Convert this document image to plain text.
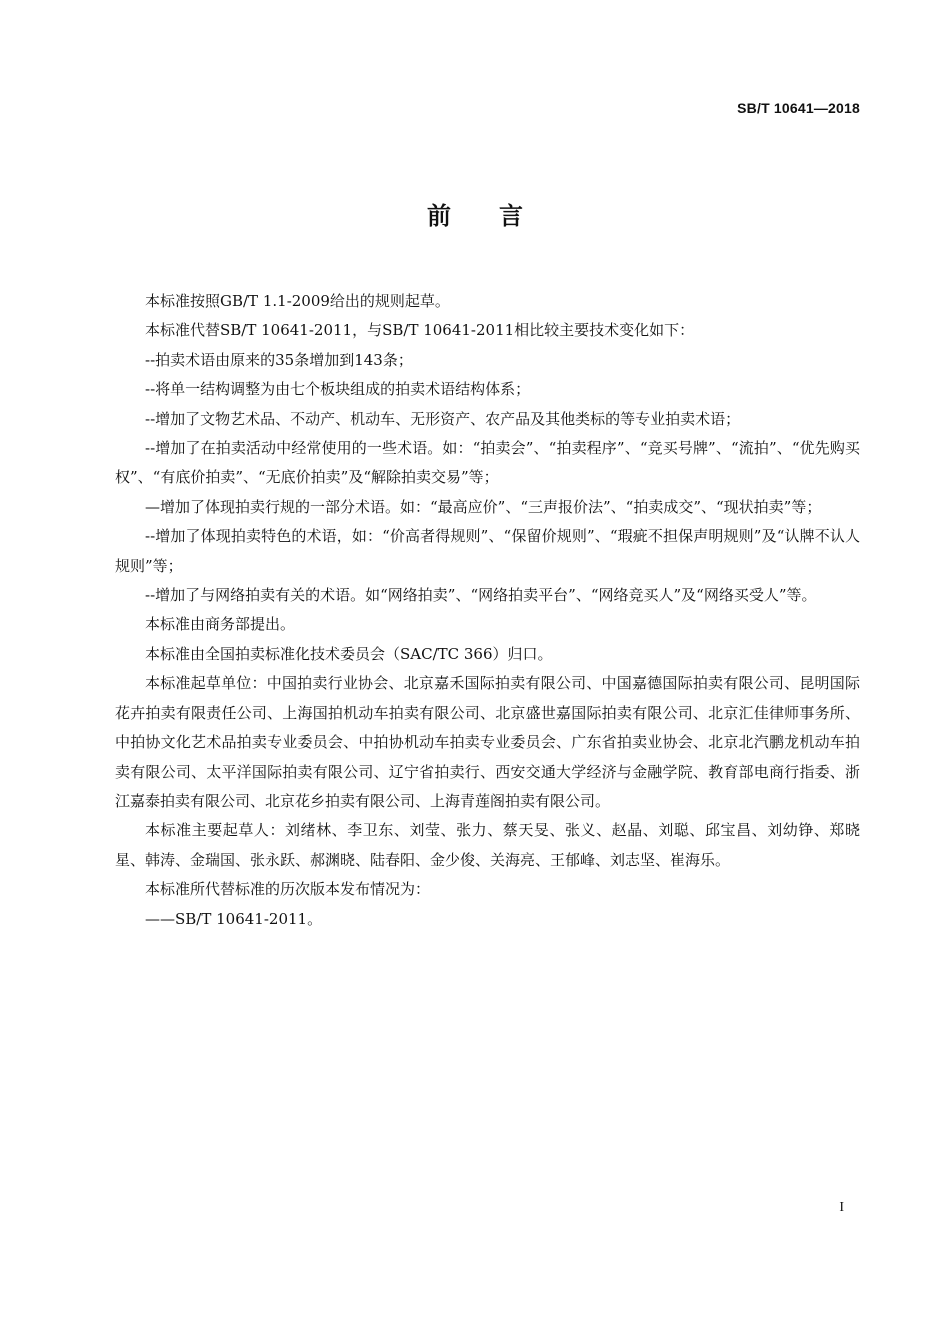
SB/T 10641—2018
前言

本标准按照GB/T 1.1-2009给出的规则起草。

本标准代替SB/T 10641-2011，与SB/T 10641-2011相比较主要技术变化如下：

--拍卖术语由原来的35条增加到143条；

--将单一结构调整为由七个板块组成的拍卖术语结构体系；

--增加了文物艺术品、不动产、机动车、无形资产、农产品及其他类标的等专业拍卖术语；

--增加了在拍卖活动中经常使用的一些术语。如：“拍卖会”、“拍卖程序”、“竞买号牌”、“流拍”、“优先购买权”、“有底价拍卖”、“无底价拍卖”及“解除拍卖交易”等；

—增加了体现拍卖行规的一部分术语。如：“最高应价”、“三声报价法”、“拍卖成交”、“现状拍卖”等；

--增加了体现拍卖特色的术语，如：“价高者得规则”、“保留价规则”、“瑕疵不担保声明规则”及“认牌不认人规则”等；

--增加了与网络拍卖有关的术语。如“网络拍卖”、“网络拍卖平台”、“网络竞买人”及“网络买受人”等。

本标准由商务部提出。

本标准由全国拍卖标准化技术委员会（SAC/TC 366）归口。

本标准起草单位：中国拍卖行业协会、北京嘉禾国际拍卖有限公司、中国嘉德国际拍卖有限公司、昆明国际花卉拍卖有限责任公司、上海国拍机动车拍卖有限公司、北京盛世嘉国际拍卖有限公司、北京汇佳律师事务所、中拍协文化艺术品拍卖专业委员会、中拍协机动车拍卖专业委员会、广东省拍卖业协会、北京北汽鹏龙机动车拍卖有限公司、太平洋国际拍卖有限公司、辽宁省拍卖行、西安交通大学经济与金融学院、教育部电商行指委、浙江嘉泰拍卖有限公司、北京花乡拍卖有限公司、上海青莲阁拍卖有限公司。

本标准主要起草人：刘绪林、李卫东、刘莹、张力、蔡天旻、张义、赵晶、刘聪、邱宝昌、刘幼铮、郑晓星、韩涛、金瑞国、张永跃、郝渊晓、陆春阳、金少俊、关海亮、王郁峰、刘志坚、崔海乐。

本标准所代替标准的历次版本发布情况为：

——SB/T 10641-2011。

I
